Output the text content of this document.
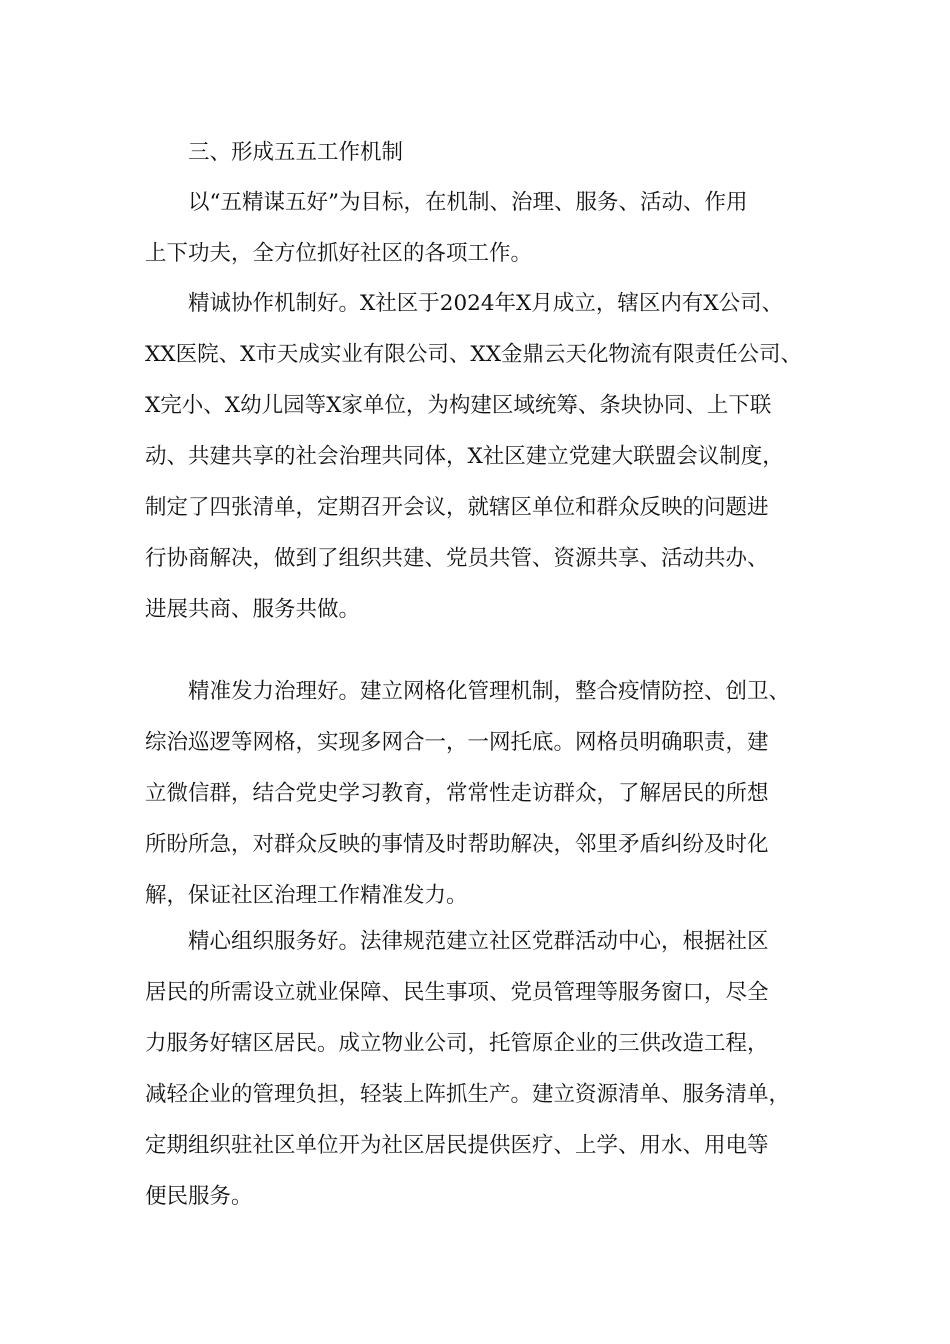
三、形成五五工作机制

以“五精谋五好”为目标，在机制、治理、服务、活动、作用
上下功夫，全方位抓好社区的各项工作。

精诚协作机制好。X社区于2024年X月成立，辖区内有X公司、
XX医院、X市天成实业有限公司、XX金鼎云天化物流有限责任公司、
X完小、X幼儿园等X家单位，为构建区域统筹、条块协同、上下联
动、共建共享的社会治理共同体，X社区建立党建大联盟会议制度，
制定了四张清单，定期召开会议，就辖区单位和群众反映的问题进
行协商解决，做到了组织共建、党员共管、资源共享、活动共办、
进展共商、服务共做。

精准发力治理好。建立网格化管理机制，整合疫情防控、创卫、
综治巡逻等网格，实现多网合一，一网托底。网格员明确职责，建
立微信群，结合党史学习教育，常常性走访群众，了解居民的所想
所盼所急，对群众反映的事情及时帮助解决，邻里矛盾纠纷及时化
解，保证社区治理工作精准发力。

精心组织服务好。法律规范建立社区党群活动中心，根据社区
居民的所需设立就业保障、民生事项、党员管理等服务窗口，尽全
力服务好辖区居民。成立物业公司，托管原企业的三供改造工程，
减轻企业的管理负担，轻装上阵抓生产。建立资源清单、服务清单，
定期组织驻社区单位开为社区居民提供医疗、上学、用水、用电等
便民服务。
